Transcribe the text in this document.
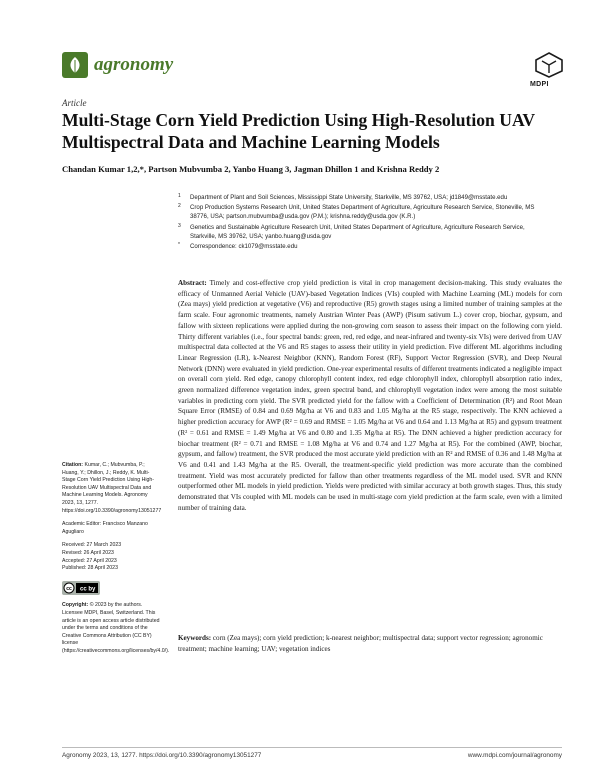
agronomy
MDPI
Article
Multi-Stage Corn Yield Prediction Using High-Resolution UAV Multispectral Data and Machine Learning Models
Chandan Kumar 1,2,*, Partson Mubvumba 2, Yanbo Huang 3, Jagman Dhillon 1 and Krishna Reddy 2
1 Department of Plant and Soil Sciences, Mississippi State University, Starkville, MS 39762, USA; jd1849@msstate.edu
2 Crop Production Systems Research Unit, United States Department of Agriculture, Agriculture Research Service, Stoneville, MS 38776, USA; partson.mubvumba@usda.gov (P.M.); krishna.reddy@usda.gov (K.R.)
3 Genetics and Sustainable Agriculture Research Unit, United States Department of Agriculture, Agriculture Research Service, Starkville, MS 39762, USA; yanbo.huang@usda.gov
* Correspondence: ck1079@msstate.edu
Abstract: Timely and cost-effective crop yield prediction is vital in crop management decision-making. This study evaluates the efficacy of Unmanned Aerial Vehicle (UAV)-based Vegetation Indices (VIs) coupled with Machine Learning (ML) models for corn (Zea mays) yield prediction at vegetative (V6) and reproductive (R5) growth stages using a limited number of training samples at the farm scale. Four agronomic treatments, namely Austrian Winter Peas (AWP) (Pisum sativum L.) cover crop, biochar, gypsum, and fallow with sixteen replications were applied during the non-growing corn season to assess their impact on the following corn yield. Thirty different variables (i.e., four spectral bands: green, red, red edge, and near-infrared and twenty-six VIs) were derived from UAV multispectral data collected at the V6 and R5 stages to assess their utility in yield prediction. Five different ML algorithms including Linear Regression (LR), k-Nearest Neighbor (KNN), Random Forest (RF), Support Vector Regression (SVR), and Deep Neural Network (DNN) were evaluated in yield prediction. One-year experimental results of different treatments indicated a negligible impact on overall corn yield. Red edge, canopy chlorophyll content index, red edge chlorophyll index, chlorophyll absorption ratio index, green normalized difference vegetation index, green spectral band, and chlorophyll vegetation index were among the most suitable variables in predicting corn yield. The SVR predicted yield for the fallow with a Coefficient of Determination (R²) and Root Mean Square Error (RMSE) of 0.84 and 0.69 Mg/ha at V6 and 0.83 and 1.05 Mg/ha at the R5 stage, respectively. The KNN achieved a higher prediction accuracy for AWP (R² = 0.69 and RMSE = 1.05 Mg/ha at V6 and 0.64 and 1.13 Mg/ha at R5) and gypsum treatment (R² = 0.61 and RMSE = 1.49 Mg/ha at V6 and 0.80 and 1.35 Mg/ha at R5). The DNN achieved a higher prediction accuracy for biochar treatment (R² = 0.71 and RMSE = 1.08 Mg/ha at V6 and 0.74 and 1.27 Mg/ha at R5). For the combined (AWP, biochar, gypsum, and fallow) treatment, the SVR produced the most accurate yield prediction with an R² and RMSE of 0.36 and 1.48 Mg/ha at V6 and 0.41 and 1.43 Mg/ha at the R5. Overall, the treatment-specific yield prediction was more accurate than the combined treatment. Yield was most accurately predicted for fallow than other treatments regardless of the ML model used. SVR and KNN outperformed other ML models in yield prediction. Yields were predicted with similar accuracy at both growth stages. Thus, this study demonstrated that VIs coupled with ML models can be used in multi-stage corn yield prediction at the farm scale, even with a limited number of training data.
Keywords: corn (Zea mays); corn yield prediction; k-nearest neighbor; multispectral data; support vector regression; agronomic treatment; machine learning; UAV; vegetation indices
Citation: Kumar, C.; Mubvumba, P.; Huang, Y.; Dhillon, J.; Reddy, K. Multi-Stage Corn Yield Prediction Using High-Resolution UAV Multispectral Data and Machine Learning Models. Agronomy 2023, 13, 1277. https://doi.org/10.3390/agronomy13051277
Academic Editor: Francisco Manzano Agugliaro
Received: 27 March 2023
Revised: 26 April 2023
Accepted: 27 April 2023
Published: 28 April 2023
cc cc by
Copyright: © 2023 by the authors. Licensee MDPI, Basel, Switzerland. This article is an open access article distributed under the terms and conditions of the Creative Commons Attribution (CC BY) license (https://creativecommons.org/licenses/by/4.0/).
Agronomy 2023, 13, 1277. https://doi.org/10.3390/agronomy13051277	www.mdpi.com/journal/agronomy
